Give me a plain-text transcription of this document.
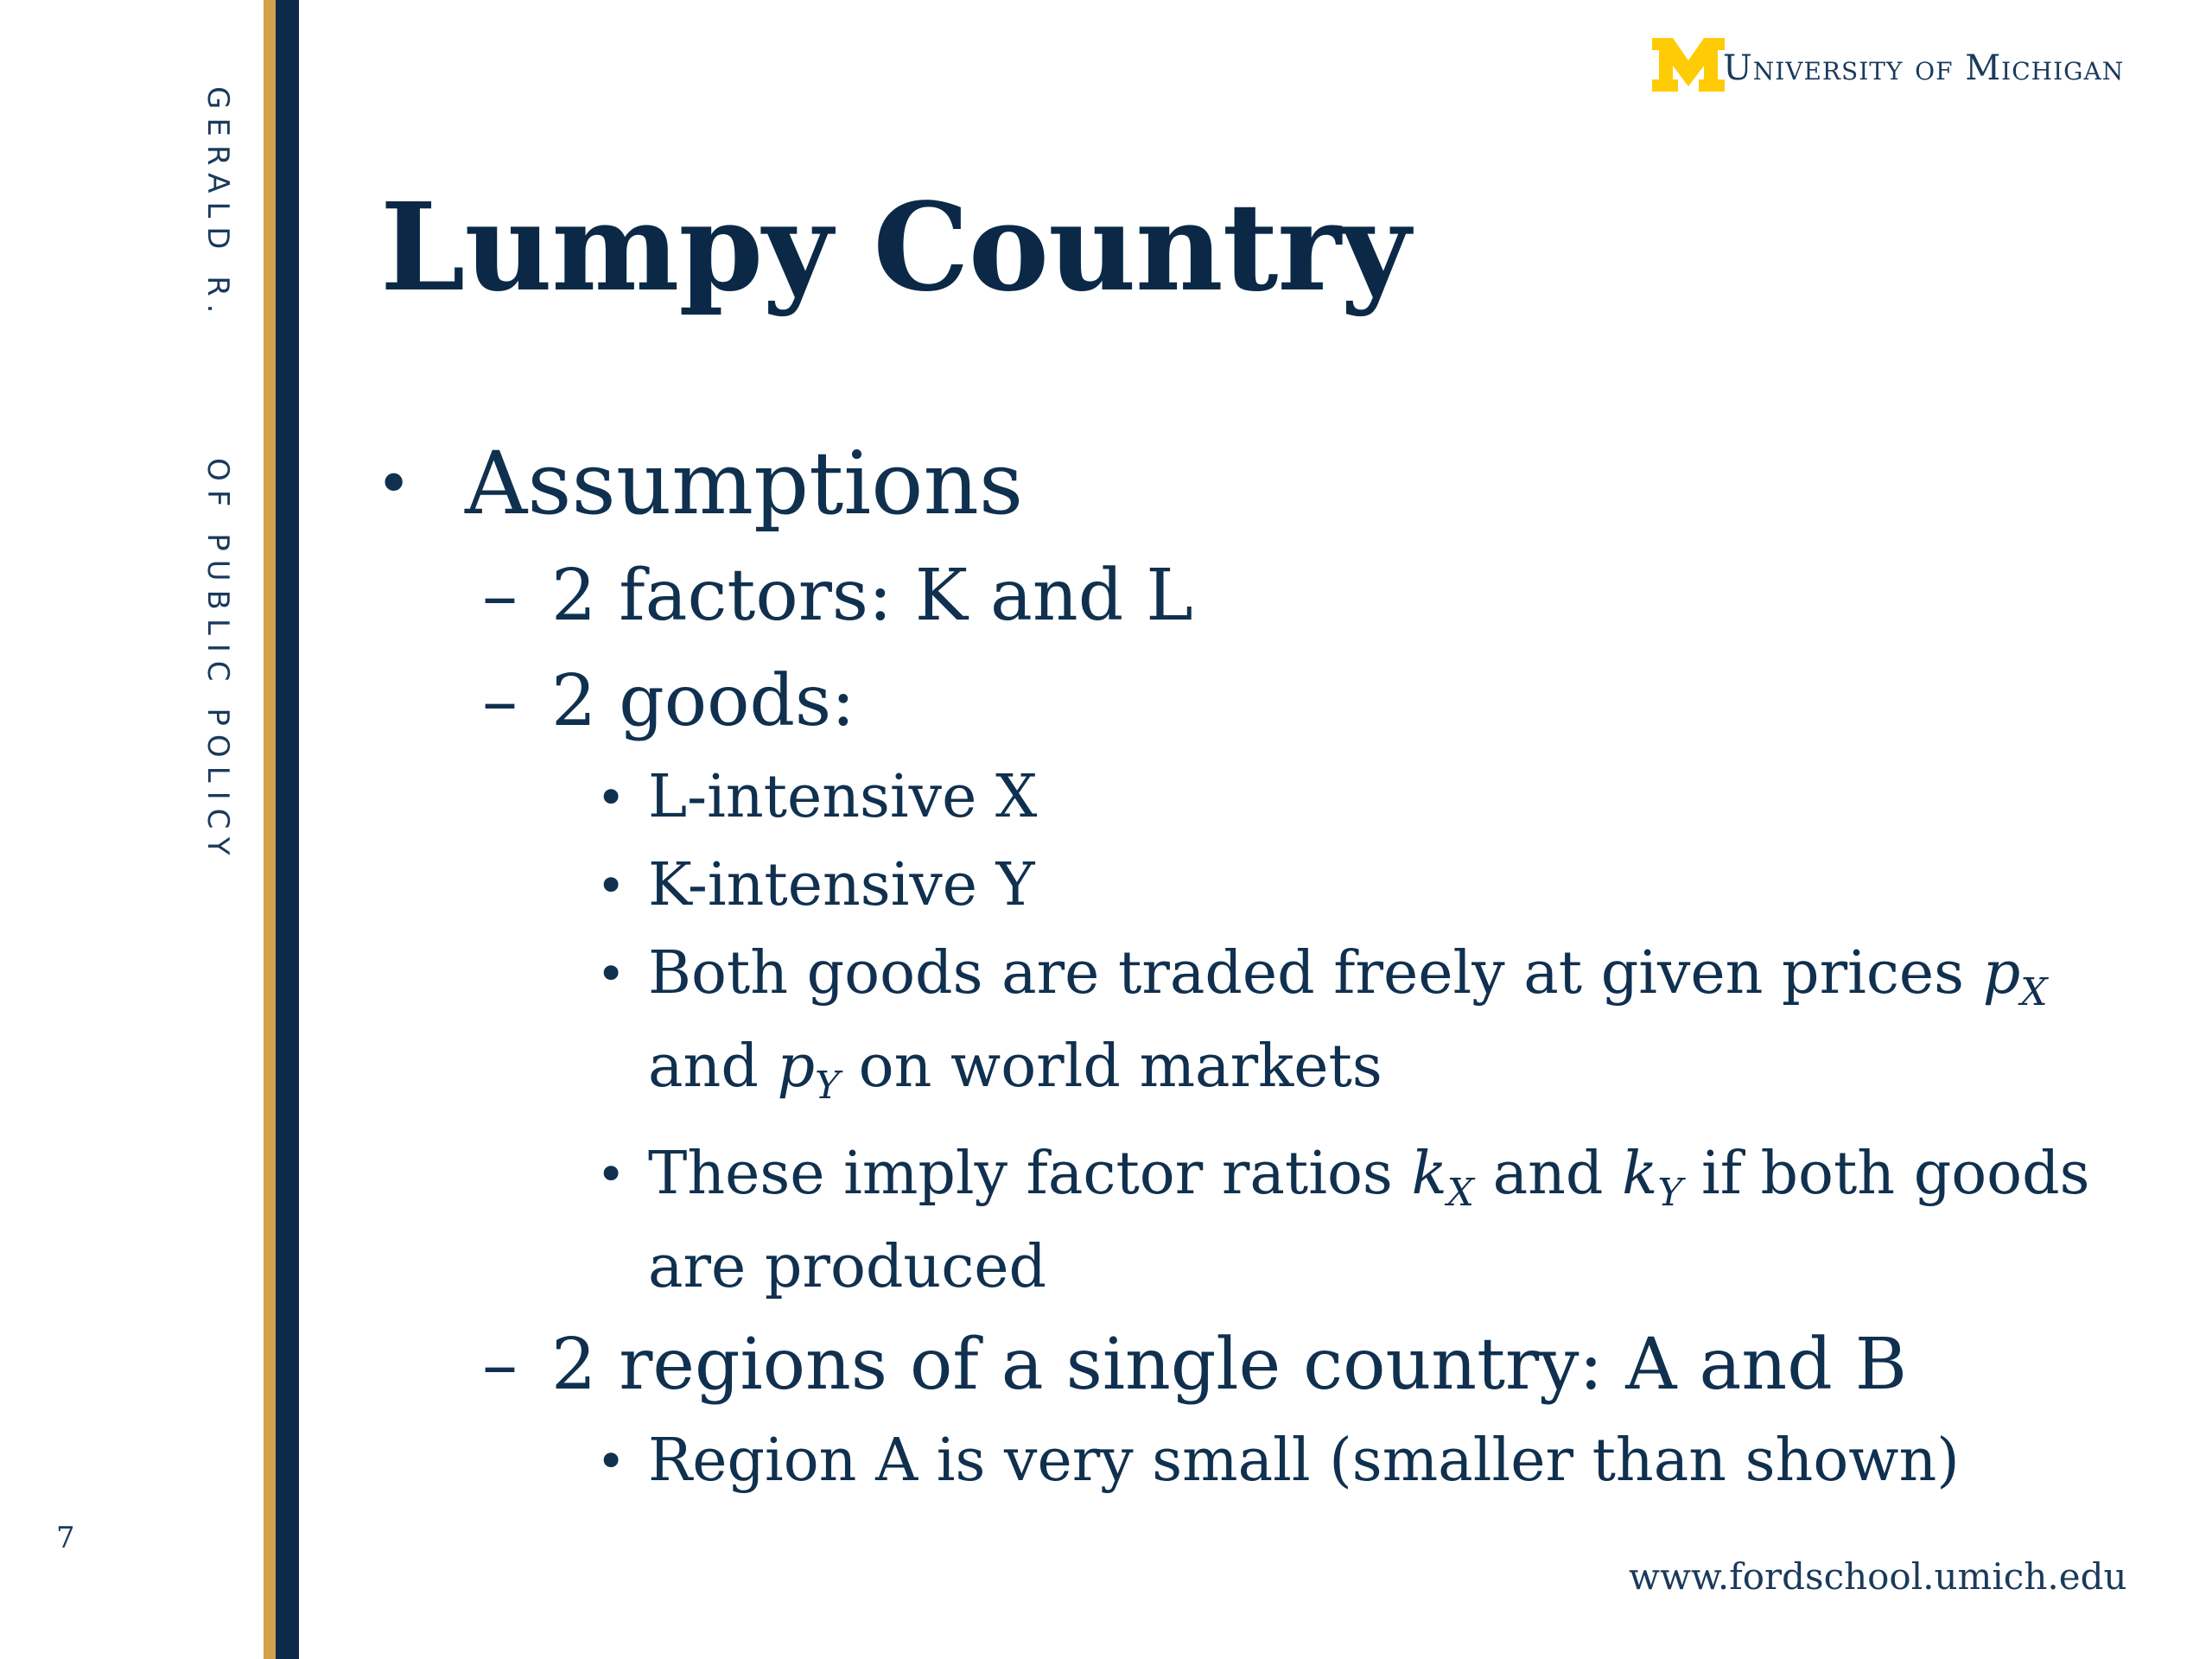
GERALD R.
OF PUBLIC POLICY
7
University of Michigan
Lumpy Country
• Assumptions
– 2 factors: K and L
– 2 goods:
• L-intensive X
• K-intensive Y
• Both goods are traded freely at given prices $p_X$ and $p_Y$ on world markets
• These imply factor ratios $k_X$ and $k_Y$ if both goods are produced
– 2 regions of a single country: A and B
• Region A is very small (smaller than shown)
www.fordschool.umich.edu
